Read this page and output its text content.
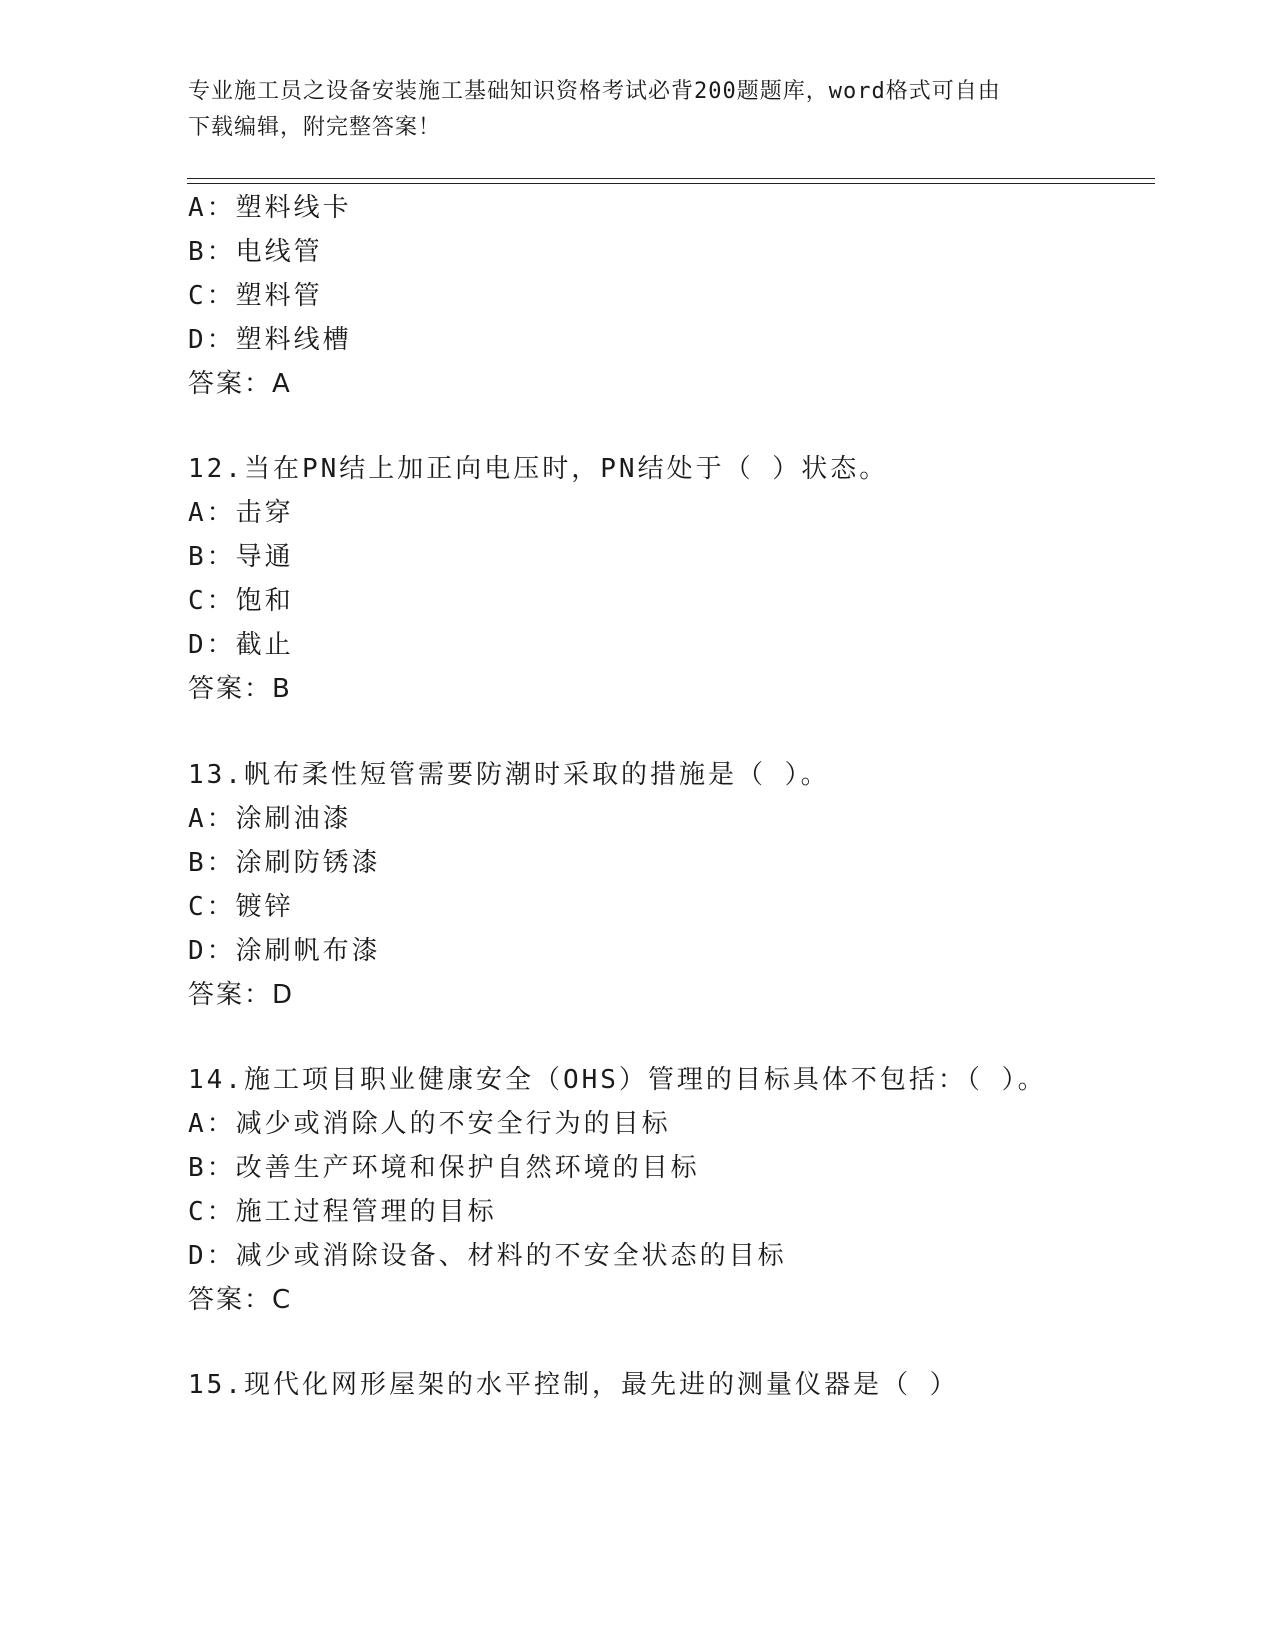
专业施工员之设备安装施工基础知识资格考试必背200题题库，word格式可自由
下载编辑，附完整答案！
A：塑料线卡
B：电线管
C：塑料管
D：塑料线槽
答案：A
12.当在PN结上加正向电压时，PN结处于（ ）状态。
A：击穿
B：导通
C：饱和
D：截止
答案：B
13.帆布柔性短管需要防潮时采取的措施是（ ）。
A：涂刷油漆
B：涂刷防锈漆
C：镀锌
D：涂刷帆布漆
答案：D
14.施工项目职业健康安全（OHS）管理的目标具体不包括：（ ）。
A：减少或消除人的不安全行为的目标
B：改善生产环境和保护自然环境的目标
C：施工过程管理的目标
D：减少或消除设备、材料的不安全状态的目标
答案：C
15.现代化网形屋架的水平控制，最先进的测量仪器是（ ）
